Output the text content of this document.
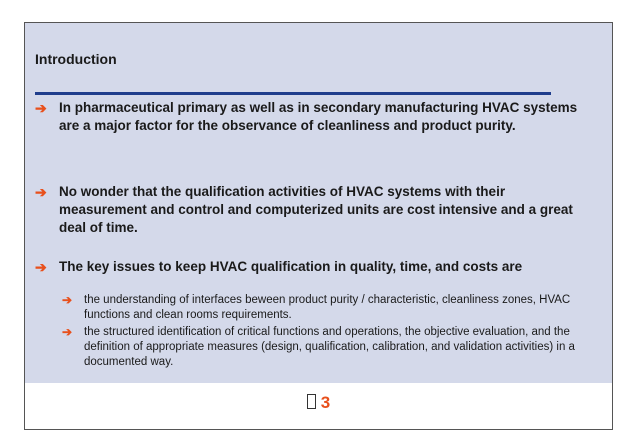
Introduction
➔ In pharmaceutical primary as well as in secondary manufacturing HVAC systems are a major factor for the observance of cleanliness and product purity.
➔ No wonder that the qualification activities of HVAC systems with their measurement and control and computerized units are cost intensive and a great deal of time.
➔ The key issues to keep HVAC qualification in quality, time, and costs are
➔ the understanding of interfaces beween product purity / characteristic, cleanliness zones, HVAC functions and clean rooms requirements.
➔ the structured identification of critical functions and operations, the objective evaluation, and the definition of appropriate measures (design, qualification, calibration, and validation activities) in a documented way.
3
